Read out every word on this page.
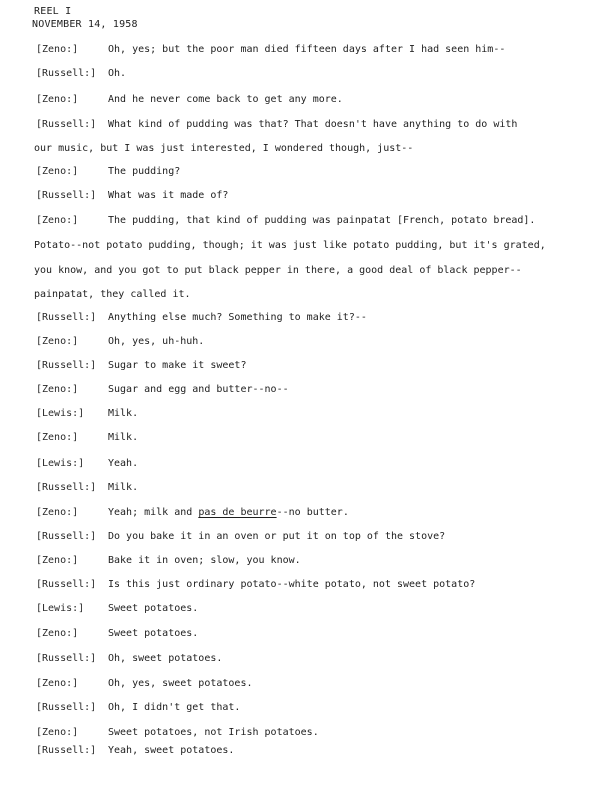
REEL I
NOVEMBER 14, 1958
[Zeno:]	Oh, yes; but the poor man died fifteen days after I had seen him--
[Russell:] Oh.
[Zeno:]	And he never come back to get any more.
[Russell:] What kind of pudding was that? That doesn't have anything to do with
our music, but I was just interested, I wondered though, just--
[Zeno:]	The pudding?
[Russell:] What was it made of?
[Zeno:]	The pudding, that kind of pudding was painpatat [French, potato bread].
Potato--not potato pudding, though; it was just like potato pudding, but it's grated,
you know, and you got to put black pepper in there, a good deal of black pepper--
painpatat, they called it.
[Russell:] Anything else much? Something to make it?--
[Zeno:]	Oh, yes, uh-huh.
[Russell:] Sugar to make it sweet?
[Zeno:]	Sugar and egg and butter--no--
[Lewis:] Milk.
[Zeno:]	Milk.
[Lewis:] Yeah.
[Russell:] Milk.
[Zeno:]	Yeah; milk and pas de beurre--no butter.
[Russell:] Do you bake it in an oven or put it on top of the stove?
[Zeno:]	Bake it in oven; slow, you know.
[Russell:] Is this just ordinary potato--white potato, not sweet potato?
[Lewis:] Sweet potatoes.
[Zeno:]	Sweet potatoes.
[Russell:] Oh, sweet potatoes.
[Zeno:]	Oh, yes, sweet potatoes.
[Russell:] Oh, I didn't get that.
[Zeno:]	Sweet potatoes, not Irish potatoes.
[Russell:] Yeah, sweet potatoes.
